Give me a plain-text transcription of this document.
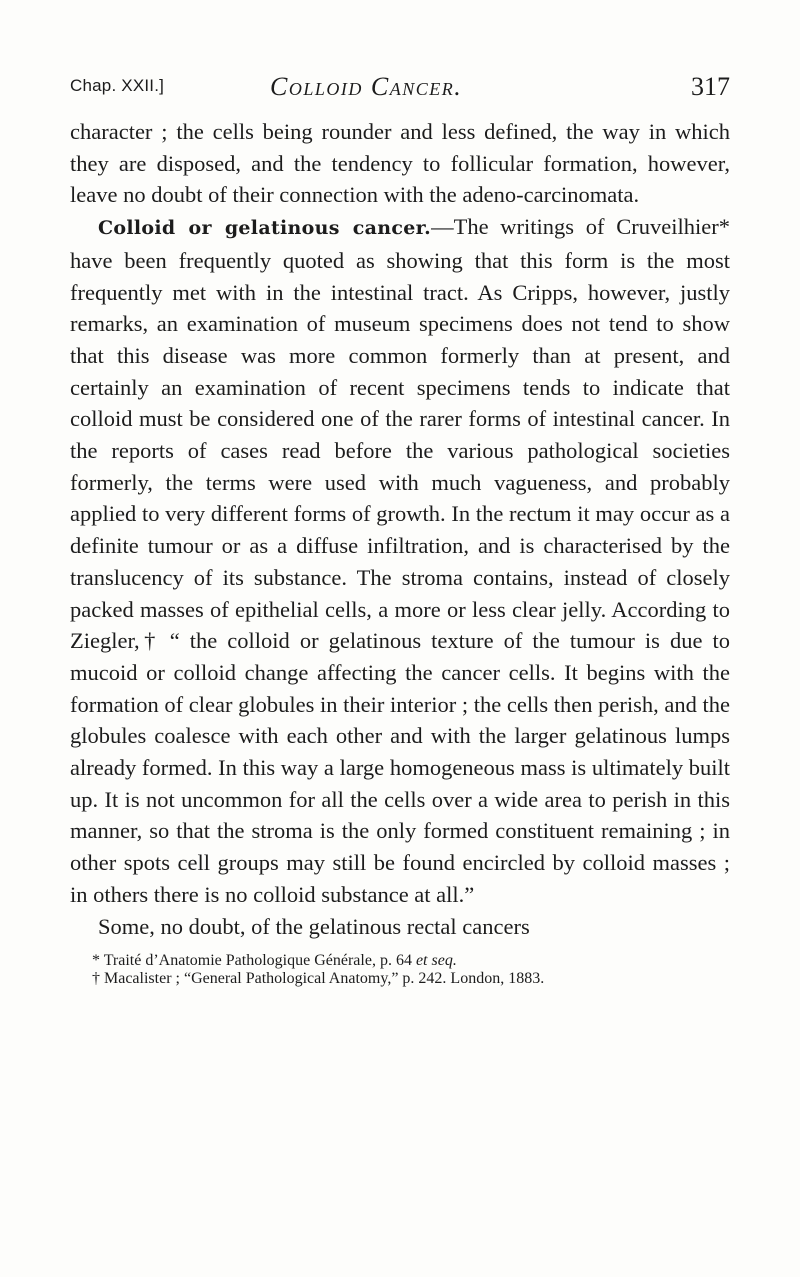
Chap. XXII.]	Colloid Cancer.	317

character ; the cells being rounder and less defined, the way in which they are disposed, and the tendency to follicular formation, however, leave no doubt of their connection with the adeno-carcinomata.

Colloid or gelatinous cancer.—The writings of Cruveilhier* have been frequently quoted as showing that this form is the most frequently met with in the intestinal tract. As Cripps, however, justly remarks, an examination of museum specimens does not tend to show that this disease was more common formerly than at present, and certainly an examination of recent specimens tends to indicate that colloid must be considered one of the rarer forms of intestinal cancer. In the reports of cases read before the various pathological societies formerly, the terms were used with much vagueness, and probably applied to very different forms of growth. In the rectum it may occur as a definite tumour or as a diffuse infiltration, and is characterised by the translucency of its substance. The stroma contains, instead of closely packed masses of epithelial cells, a more or less clear jelly. According to Ziegler,† “ the colloid or gelatinous texture of the tumour is due to mucoid or colloid change affecting the cancer cells. It begins with the formation of clear globules in their interior ; the cells then perish, and the globules coalesce with each other and with the larger gelatinous lumps already formed. In this way a large homogeneous mass is ultimately built up. It is not uncommon for all the cells over a wide area to perish in this manner, so that the stroma is the only formed constituent remaining ; in other spots cell groups may still be found encircled by colloid masses ; in others there is no colloid substance at all.”

Some, no doubt, of the gelatinous rectal cancers

* Traité d’Anatomie Pathologique Générale, p. 64 et seq.

† Macalister ; “General Pathological Anatomy,” p. 242. London, 1883.
